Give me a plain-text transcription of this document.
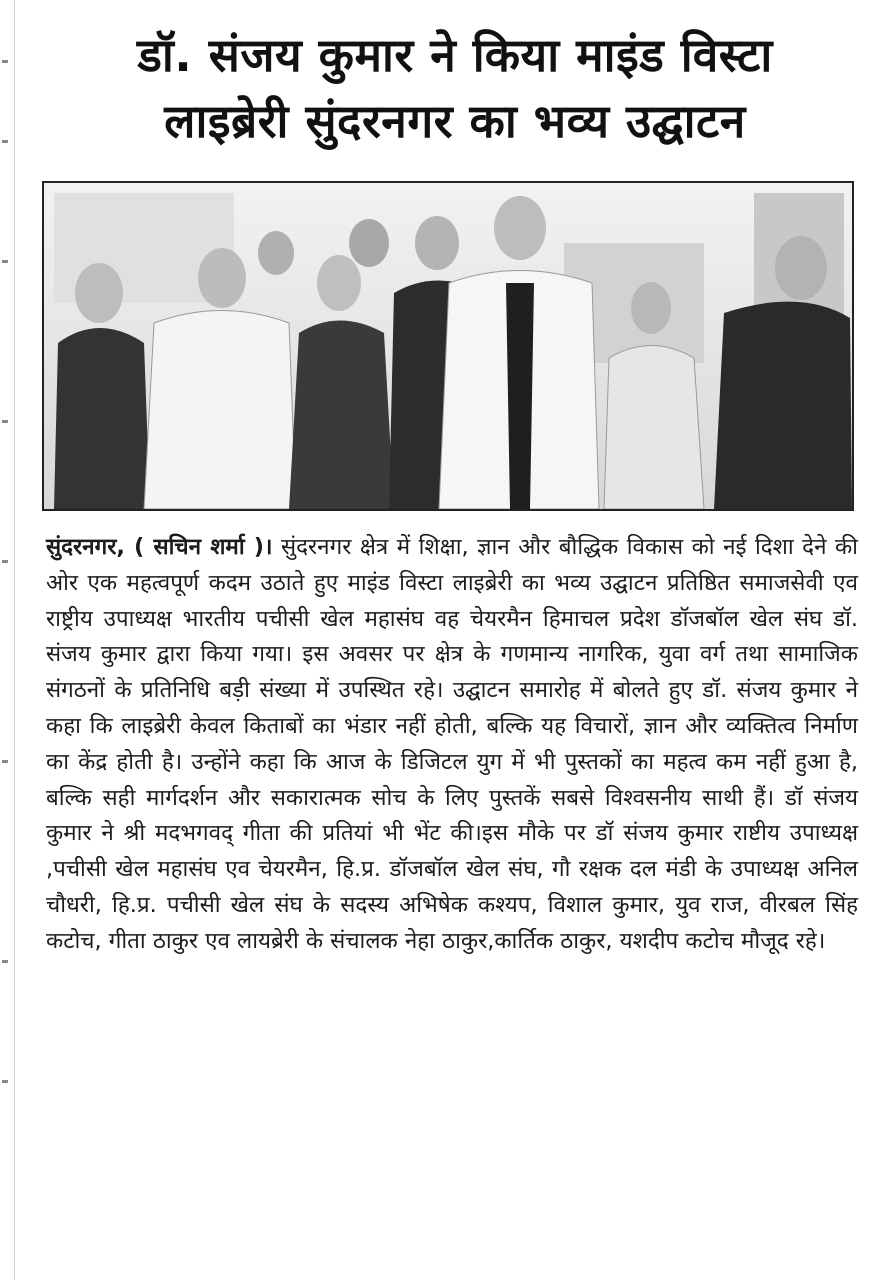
डॉ. संजय कुमार ने किया माइंड विस्टा
लाइब्रेरी सुंदरनगर का भव्य उद्घाटन
सुंदरनगर, ( सचिन शर्मा )। सुंदरनगर क्षेत्र में शिक्षा, ज्ञान और बौद्धिक विकास को नई दिशा देने की ओर एक महत्वपूर्ण कदम उठाते हुए माइंड विस्टा लाइब्रेरी का भव्य उद्घाटन प्रतिष्ठित समाजसेवी एव राष्ट्रीय उपाध्यक्ष भारतीय पचीसी खेल महासंघ वह चेयरमैन हिमाचल प्रदेश डॉजबॉल खेल संघ डॉ. संजय कुमार द्वारा किया गया। इस अवसर पर क्षेत्र के गणमान्य नागरिक, युवा वर्ग तथा सामाजिक संगठनों के प्रतिनिधि बड़ी संख्या में उपस्थित रहे। उद्घाटन समारोह में बोलते हुए डॉ. संजय कुमार ने कहा कि लाइब्रेरी केवल किताबों का भंडार नहीं होती, बल्कि यह विचारों, ज्ञान और व्यक्तित्व निर्माण का केंद्र होती है। उन्होंने कहा कि आज के डिजिटल युग में भी पुस्तकों का महत्व कम नहीं हुआ है, बल्कि सही मार्गदर्शन और सकारात्मक सोच के लिए पुस्तकें सबसे विश्वसनीय साथी हैं। डॉ संजय कुमार ने श्री मदभगवद् गीता की प्रतियां भी भेंट की।इस मौके पर डॉ संजय कुमार राष्टीय उपाध्यक्ष ,पचीसी खेल महासंघ एव चेयरमैन, हि.प्र. डॉजबॉल खेल संघ, गौ रक्षक दल मंडी के उपाध्यक्ष अनिल चौधरी, हि.प्र. पचीसी खेल संघ के सदस्य अभिषेक कश्यप, विशाल कुमार, युव राज, वीरबल सिंह कटोच, गीता ठाकुर एव लायब्रेरी के संचालक नेहा ठाकुर,कार्तिक ठाकुर, यशदीप कटोच मौजूद रहे।
